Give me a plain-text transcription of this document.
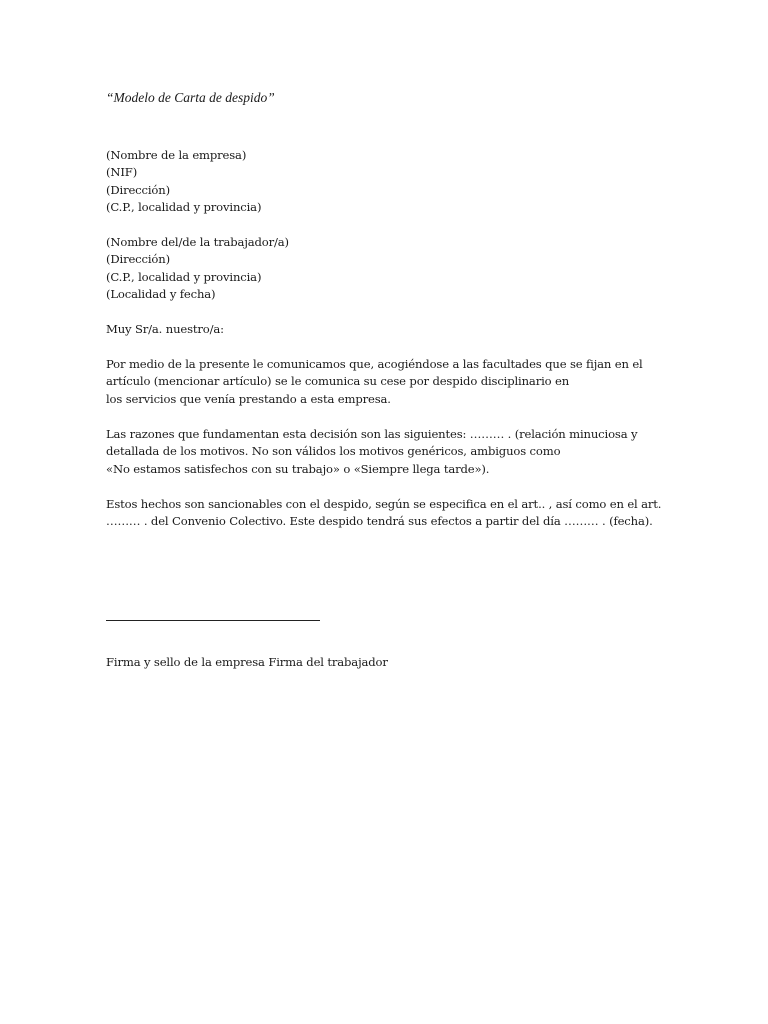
“Modelo de Carta de despido”
(Nombre de la empresa)
(NIF)
(Dirección)
(C.P., localidad y provincia)
(Nombre del/de la trabajador/a)
(Dirección)
(C.P., localidad y provincia)
(Localidad y fecha)
Muy Sr/a. nuestro/a:
Por medio de la presente le comunicamos que, acogiéndose a las facultades que se fijan en el
artículo (mencionar artículo) se le comunica su cese por despido disciplinario en
los servicios que venía prestando a esta empresa.
Las razones que fundamentan esta decisión son las siguientes: ……… . (relación minuciosa y
detallada de los motivos. No son válidos los motivos genéricos, ambiguos como
«No estamos satisfechos con su trabajo» o «Siempre llega tarde»).
Estos hechos son sancionables con el despido, según se especifica en el art.. , así como en el art.
……… . del Convenio Colectivo. Este despido tendrá sus efectos a partir del día ……… . (fecha).
Firma y sello de la empresa Firma del trabajador
